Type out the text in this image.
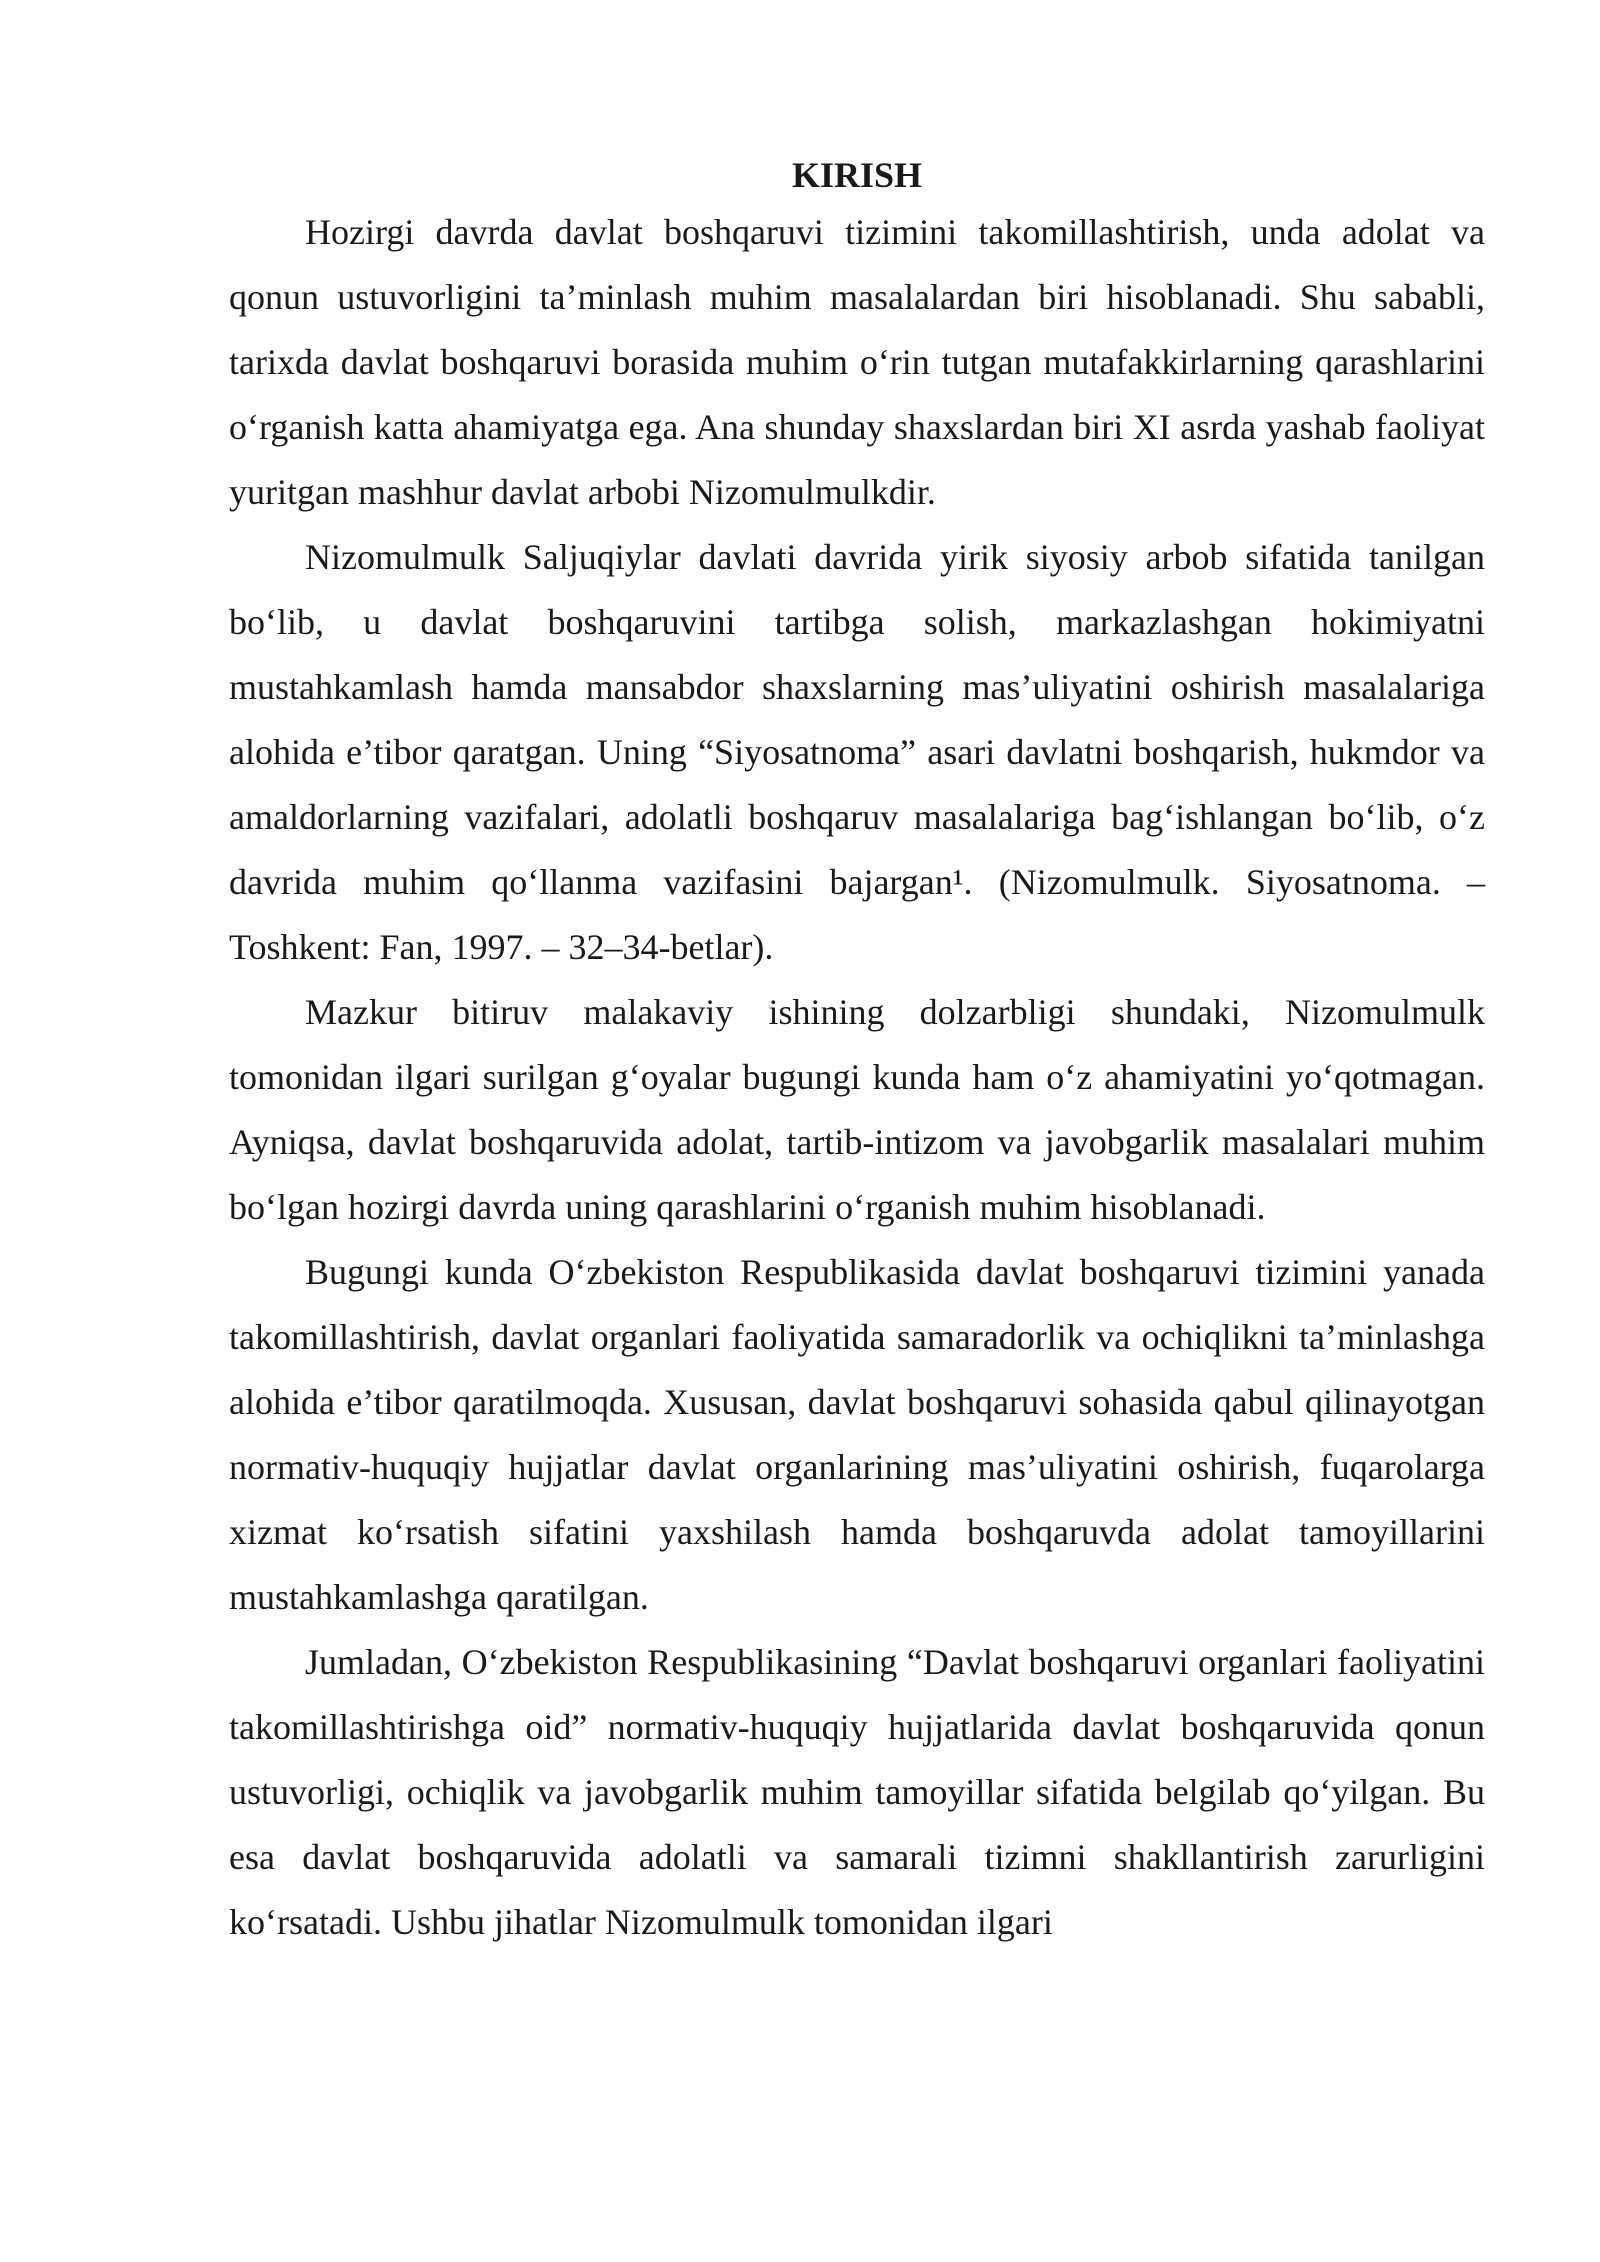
KIRISH

Hozirgi davrda davlat boshqaruvi tizimini takomillashtirish, unda adolat va qonun ustuvorligini ta’minlash muhim masalalardan biri hisoblanadi. Shu sababli, tarixda davlat boshqaruvi borasida muhim o‘rin tutgan mutafakkirlarning qarashlarini o‘rganish katta ahamiyatga ega. Ana shunday shaxslardan biri XI asrda yashab faoliyat yuritgan mashhur davlat arbobi Nizomulmulkdir.

Nizomulmulk Saljuqiylar davlati davrida yirik siyosiy arbob sifatida tanilgan bo‘lib, u davlat boshqaruvini tartibga solish, markazlashgan hokimiyatni mustahkamlash hamda mansabdor shaxslarning mas’uliyatini oshirish masalalariga alohida e’tibor qaratgan. Uning “Siyosatnoma” asari davlatni boshqarish, hukmdor va amaldorlarning vazifalari, adolatli boshqaruv masalalariga bag‘ishlangan bo‘lib, o‘z davrida muhim qo‘llanma vazifasini bajargan¹. (Nizomulmulk. Siyosatnoma. – Toshkent: Fan, 1997. – 32–34-betlar).

Mazkur bitiruv malakaviy ishining dolzarbligi shundaki, Nizomulmulk tomonidan ilgari surilgan g‘oyalar bugungi kunda ham o‘z ahamiyatini yo‘qotmagan. Ayniqsa, davlat boshqaruvida adolat, tartib-intizom va javobgarlik masalalari muhim bo‘lgan hozirgi davrda uning qarashlarini o‘rganish muhim hisoblanadi.

Bugungi kunda O‘zbekiston Respublikasida davlat boshqaruvi tizimini yanada takomillashtirish, davlat organlari faoliyatida samaradorlik va ochiqlikni ta’minlashga alohida e’tibor qaratilmoqda. Xususan, davlat boshqaruvi sohasida qabul qilinayotgan normativ-huquqiy hujjatlar davlat organlarining mas’uliyatini oshirish, fuqarolarga xizmat ko‘rsatish sifatini yaxshilash hamda boshqaruvda adolat tamoyillarini mustahkamlashga qaratilgan.

Jumladan, O‘zbekiston Respublikasining “Davlat boshqaruvi organlari faoliyatini takomillashtirishga oid” normativ-huquqiy hujjatlarida davlat boshqaruvida qonun ustuvorligi, ochiqlik va javobgarlik muhim tamoyillar sifatida belgilab qo‘yilgan. Bu esa davlat boshqaruvida adolatli va samarali tizimni shakllantirish zarurligini ko‘rsatadi. Ushbu jihatlar Nizomulmulk tomonidan ilgari
